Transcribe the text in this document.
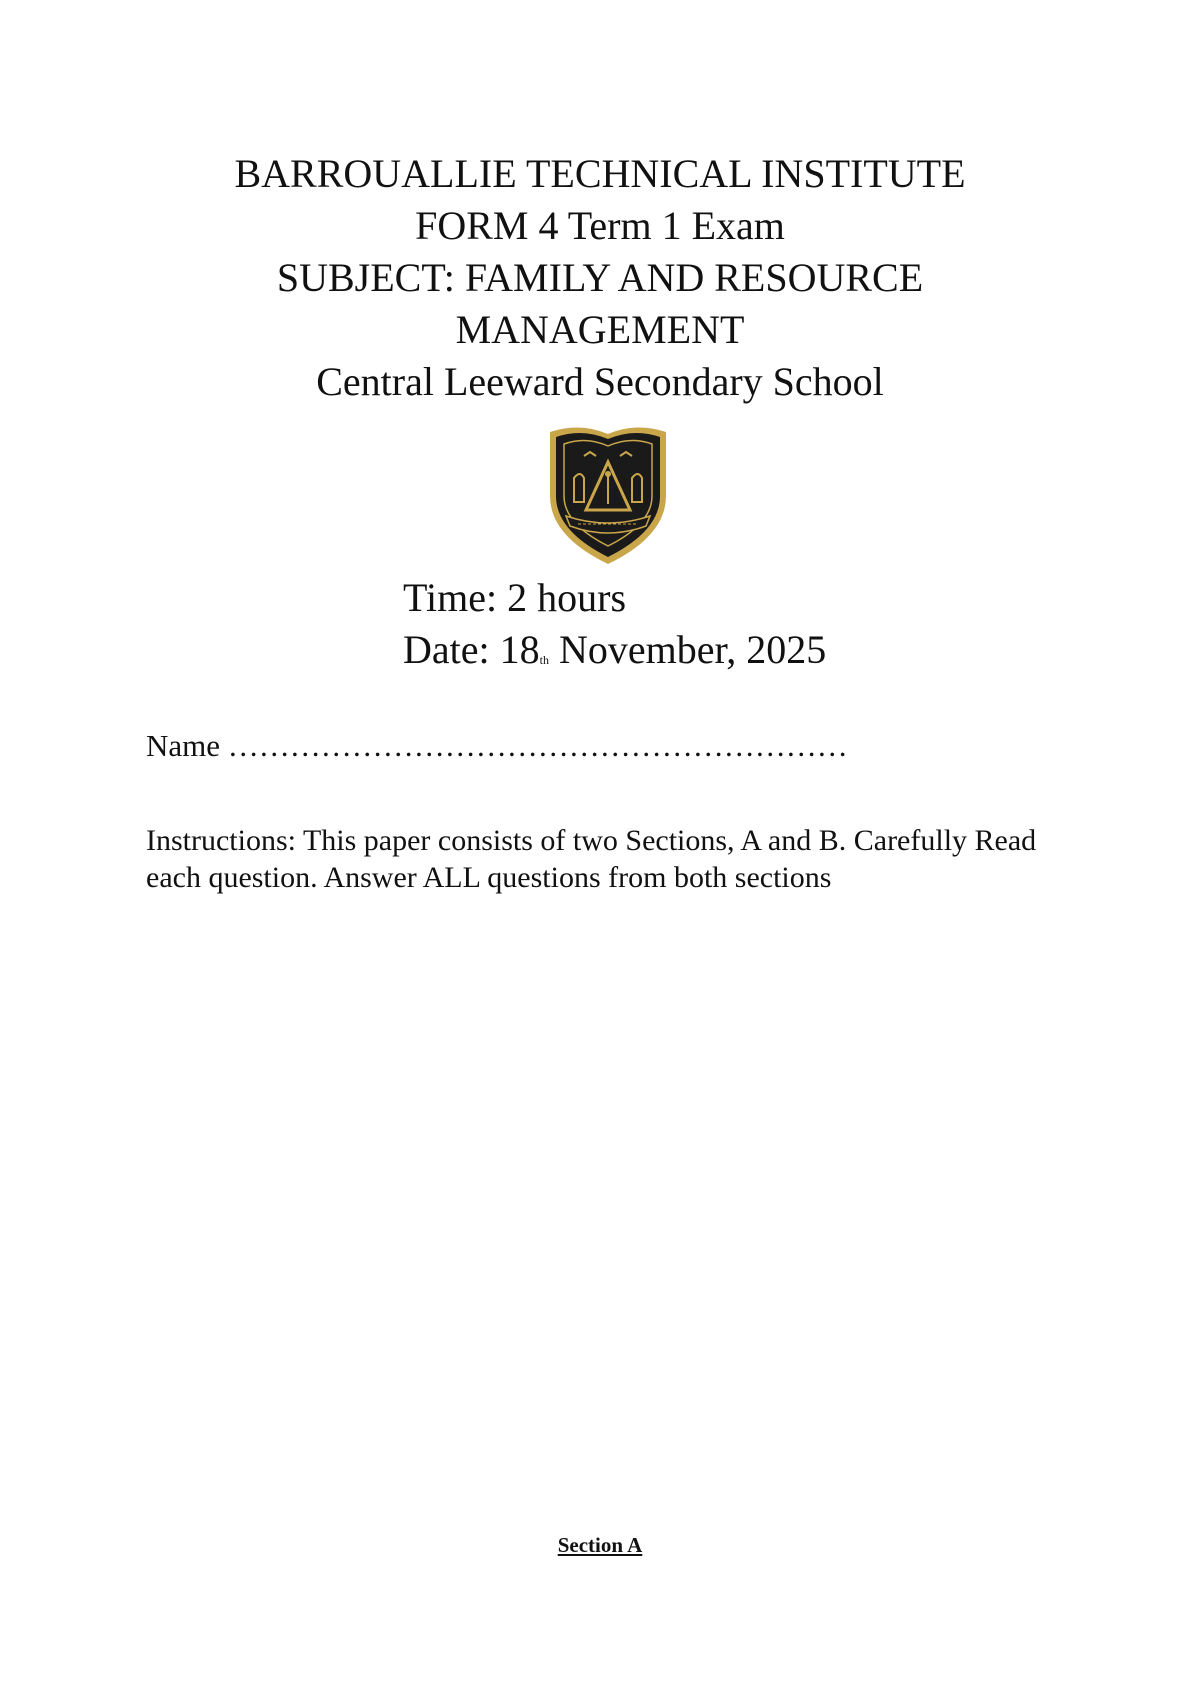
BARROUALLIE TECHNICAL INSTITUTE
FORM 4 Term 1 Exam
SUBJECT: FAMILY AND RESOURCE
MANAGEMENT
Central Leeward Secondary School
Time: 2 hours
Date: 18th November, 2025
Name ……………………………………………………
Instructions: This paper consists of two Sections, A and B. Carefully Read each question. Answer ALL questions from both sections
Section A
